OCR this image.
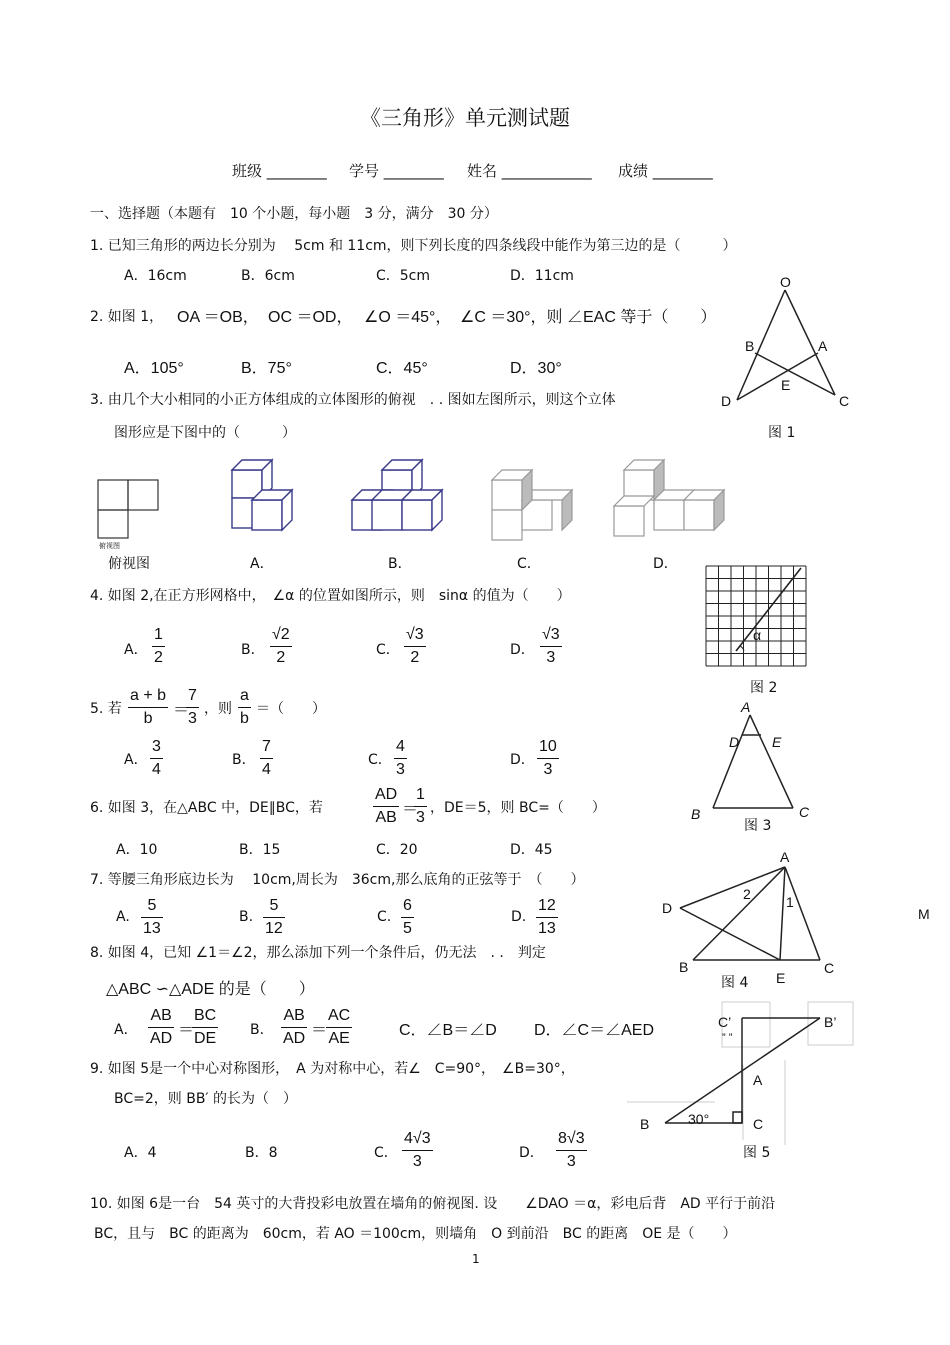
《三角形》单元测试题
班级 ________ 学号 ________ 姓名 ____________ 成绩 ________
一、选择题（本题有　10 个小题，每小题　3 分，满分　30 分）
1. 已知三角形的两边长分别为　 5cm 和 11cm，则下列长度的四条线段中能作为第三边的是（　　　）
A．16cm	B．6cm	C．5cm	D．11cm
2. 如图 1， OA ＝OB， OC ＝OD， ∠O ＝45°， ∠C ＝30°，则 ∠EAC 等于（　　）
A．105°	B．75°	C．45°	D．30°
O
B	A
E
D	C
图 1
3. 由几个大小相同的小正方体组成的立体图形的俯视　. . 图如左图所示，则这个立体
图形应是下图中的（　　　）
俯视图
俯视图	A．	B．	C．	D．
4. 如图 2,在正方形网格中，　∠α 的位置如图所示，则　sinα 的值为（　　）
A． $\frac{1}{2}$	B． $\frac{√2}{2}$	C． $\frac{√3}{2}$	D． $\frac{√3}{3}$	α
图 2
5. 若 $\frac{a + b}{b}$ ＝
$\frac{7}{3}$ ，则 $\frac{a}{b}$ ＝（　　）
A． $\frac{3}{4}$	B． $\frac{7}{4}$	C． $\frac{4}{3}$	D． $\frac{10}{3}$
A
D E
B	C
图 3
6. 如图 3，在△ABC 中，DE∥BC，若	$\frac{AD}{AB}$ ＝
$\frac{1}{3}$ ，DE＝5，则 BC=（　　）
A．10	B．15	C．20	D．45
7. 等腰三角形底边长为　 10cm,周长为　36cm,那么底角的正弦等于　（　　）
A. $\frac{5}{13}$	B. $\frac{5}{12}$	C. $\frac{6}{5}$	D. $\frac{12}{13}$
A
2	1
D
B
E
C
图 4
M
8. 如图 4，已知 ∠1＝∠2，那么添加下列一个条件后，仍无法　. .　判定
△ABC ∽△ADE 的是（　　）
A． $\frac{AB}{AD}$ ＝
$\frac{BC}{DE}$ B． $\frac{AB}{AD}$ ＝
$\frac{AC}{AE}$	C．∠B＝∠D D．∠C＝∠AED	C’
” ”
B’
A
B	30°	C
图 5
9. 如图 5是一个中心对称图形，　A 为对称中心，若∠　C=90°，　∠B=30°，
BC=2，则 BB′ 的长为（　）
A．4	B．8	C． $\frac{4√3}{3}$	D． $\frac{8√3}{3}$
10. 如图 6是一台　54 英寸的大背投彩电放置在墙角的俯视图. 设　　∠DAO ＝α，彩电后背　AD 平行于前沿
BC，且与　BC 的距离为　60cm，若 AO ＝100cm，则墙角　O 到前沿　BC 的距离　OE 是（　　）
1
